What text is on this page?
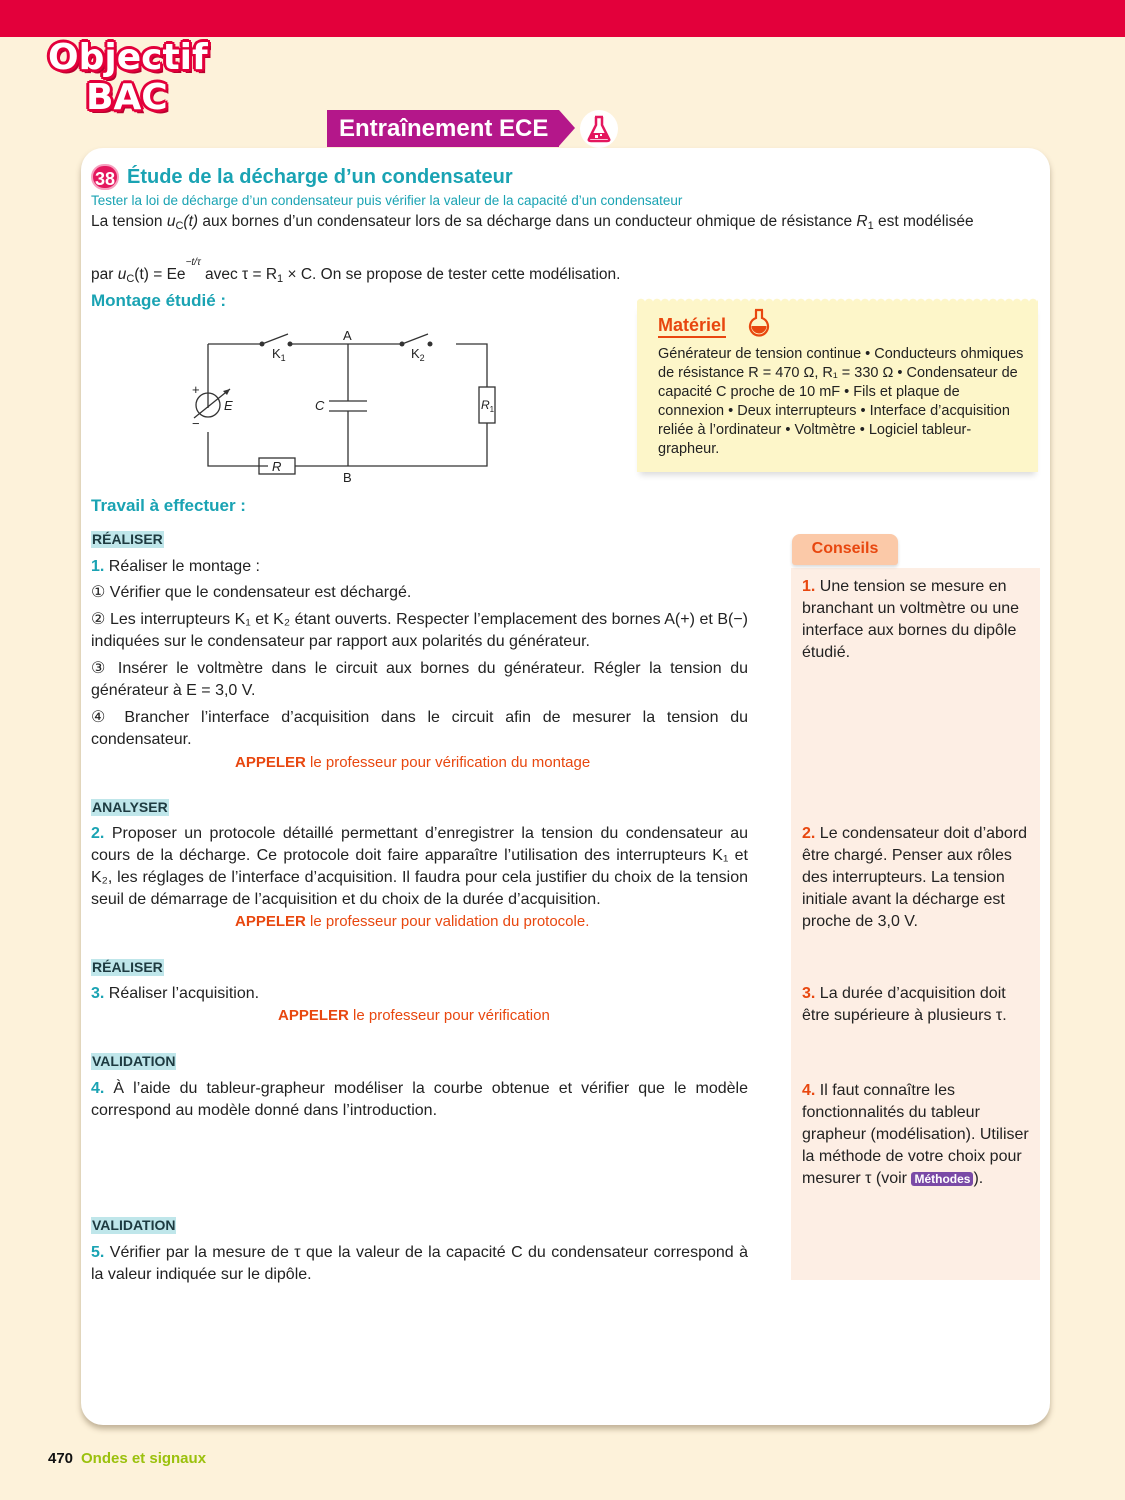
Objectif
BAC
Entraînement ECE
38 Étude de la décharge d’un condensateur
Tester la loi de décharge d’un condensateur puis vérifier la valeur de la capacité d’un condensateur
La tension $u_C(t)$ aux bornes d’un condensateur lors de sa décharge dans un conducteur ohmique de résistance $R_1$ est modélisée
par $u_C(t) = Ee^{-t/\tau}$ avec $\tau = R_1 \times C$. On se propose de tester cette modélisation.
Montage étudié :
A
B
$K_1$	$K_2$
E	C
R
$R_1$
+
−
Matériel
Générateur de tension continue • Conducteurs ohmiques de résistance R = 470 Ω, R₁ = 330 Ω • Condensateur de capacité C proche de 10 mF • Fils et plaque de connexion • Deux interrupteurs • Interface d’acquisition reliée à l’ordinateur • Voltmètre • Logiciel tableur-grapheur.
Travail à effectuer :
RÉALISER
1. Réaliser le montage :
① Vérifier que le condensateur est déchargé.
② Les interrupteurs K₁ et K₂ étant ouverts. Respecter l’emplacement des bornes A(+) et B(−) indiquées sur le condensateur par rapport aux polarités du générateur.
③ Insérer le voltmètre dans le circuit aux bornes du générateur. Régler la tension du générateur à E = 3,0 V.
④ Brancher l’interface d’acquisition dans le circuit afin de mesurer la tension du condensateur.
APPELER le professeur pour vérification du montage
ANALYSER
2. Proposer un protocole détaillé permettant d’enregistrer la tension du condensateur au cours de la décharge. Ce protocole doit faire apparaître l’utilisation des interrupteurs K₁ et K₂, les réglages de l’interface d’acquisition. Il faudra pour cela justifier du choix de la tension seuil de démarrage de l’acquisition et du choix de la durée d’acquisition.
APPELER le professeur pour validation du protocole.
RÉALISER
3. Réaliser l’acquisition.
APPELER le professeur pour vérification
VALIDATION
4. À l’aide du tableur-grapheur modéliser la courbe obtenue et vérifier que le modèle correspond au modèle donné dans l’introduction.
VALIDATION
5. Vérifier par la mesure de τ que la valeur de la capacité C du condensateur correspond à la valeur indiquée sur le dipôle.
Conseils
1. Une tension se mesure en branchant un voltmètre ou une interface aux bornes du dipôle étudié.
2. Le condensateur doit d’abord être chargé. Penser aux rôles des interrupteurs. La tension initiale avant la décharge est proche de 3,0 V.
3. La durée d’acquisition doit être supérieure à plusieurs τ.
4. Il faut connaître les fonctionnalités du tableur grapheur (modélisation). Utiliser la méthode de votre choix pour mesurer τ (voir Méthodes ).
470 Ondes et signaux
